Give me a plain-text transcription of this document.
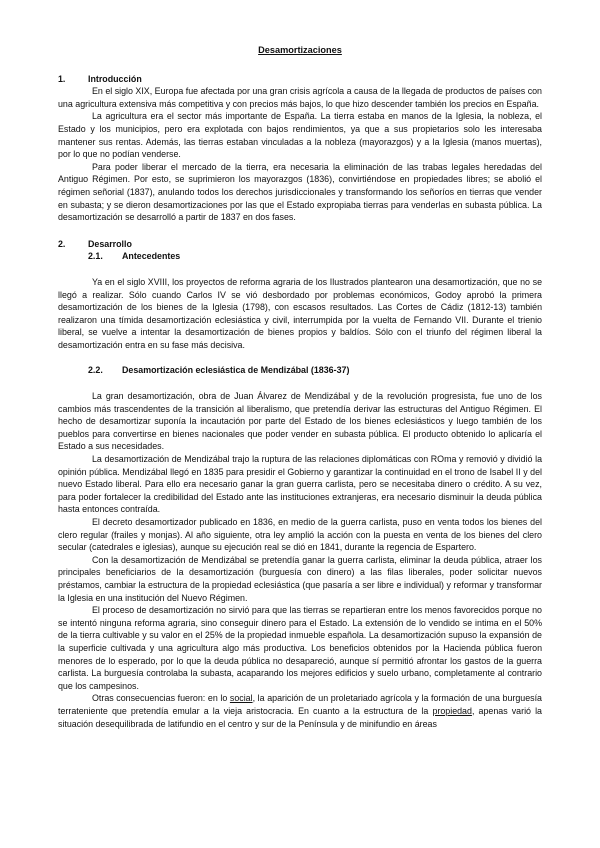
Desamortizaciones
1.	Introducción

En el siglo XIX, Europa fue afectada por una gran crisis agrícola a causa de la llegada de productos de países con una agricultura extensiva más competitiva y con precios más bajos, lo que hizo descender también los precios en España.

La agricultura era el sector más importante de España. La tierra estaba en manos de la Iglesia, la nobleza, el Estado y los municipios, pero era explotada con bajos rendimientos, ya que a sus propietarios solo les interesaba mantener sus rentas. Además, las tierras estaban vinculadas a la nobleza (mayorazgos) y a la Iglesia (manos muertas), por lo que no podían venderse.

Para poder liberar el mercado de la tierra, era necesaria la eliminación de las trabas legales heredadas del Antiguo Régimen. Por esto, se suprimieron los mayorazgos (1836), convirtiéndose en propiedades libres; se abolió el régimen señorial (1837), anulando todos los derechos jurisdiccionales y transformando los señoríos en tierras que vender en subasta; y se dieron desamortizaciones por las que el Estado expropiaba tierras para venderlas en subasta pública. La desamortización se desarrolló a partir de 1837 en dos fases.

2.	Desarrollo
2.1.	Antecedentes

Ya en el siglo XVIII, los proyectos de reforma agraria de los Ilustrados plantearon una desamortización, que no se llegó a realizar. Sólo cuando Carlos IV se vió desbordado por problemas económicos, Godoy aprobó la primera desamortización de los bienes de la Iglesia (1798), con escasos resultados. Las Cortes de Cádiz (1812-13) también realizaron una tímida desamortización eclesiástica y civil, interrumpida por la vuelta de Fernando VII. Durante el trienio liberal, se vuelve a intentar la desamortización de bienes propios y baldíos. Sólo con el triunfo del régimen liberal la desamortización entra en su fase más decisiva.

2.2.	Desamortización eclesiástica de Mendizábal (1836-37)

La gran desamortización, obra de Juan Álvarez de Mendizábal y de la revolución progresista, fue uno de los cambios más trascendentes de la transición al liberalismo, que pretendía derivar las estructuras del Antiguo Régimen. El hecho de desamortizar suponía la incautación por parte del Estado de los bienes eclesiásticos y luego también de los pueblos para convertirse en bienes nacionales que poder vender en subasta pública. El producto obtenido lo aplicaría el Estado a sus necesidades.

La desamortización de Mendizábal trajo la ruptura de las relaciones diplomáticas con ROma y removió y dividió la opinión pública. Mendizábal llegó en 1835 para presidir el Gobierno y garantizar la continuidad en el trono de Isabel II y del nuevo Estado liberal. Para ello era necesario ganar la gran guerra carlista, pero se necesitaba dinero o crédito. A su vez, para poder fortalecer la credibilidad del Estado ante las instituciones extranjeras, era necesario disminuir la deuda pública hasta entonces contraída.

El decreto desamortizador publicado en 1836, en medio de la guerra carlista, puso en venta todos los bienes del clero regular (frailes y monjas). Al año siguiente, otra ley amplió la acción con la puesta en venta de los bienes del clero secular (catedrales e iglesias), aunque su ejecución real se dió en 1841, durante la regencia de Espartero.

Con la desamortización de Mendizábal se pretendía ganar la guerra carlista, eliminar la deuda pública, atraer los principales beneficiarios de la desamortización (burguesía con dinero) a las filas liberales, poder solicitar nuevos préstamos, cambiar la estructura de la propiedad eclesiástica (que pasaría a ser libre e individual) y reformar y transformar la Iglesia en una institución del Nuevo Régimen.

El proceso de desamortización no sirvió para que las tierras se repartieran entre los menos favorecidos porque no se intentó ninguna reforma agraria, sino conseguir dinero para el Estado. La extensión de lo vendido se intima en el 50% de la tierra cultivable y su valor en el 25% de la propiedad inmueble española. La desamortización supuso la expansión de la superficie cultivada y una agricultura algo más productiva. Los beneficios obtenidos por la Hacienda pública fueron menores de lo esperado, por lo que la deuda pública no desapareció, aunque sí permitió afrontar los gastos de la guerra carlista. La burguesía controlaba la subasta, acaparando los mejores edificios y suelo urbano, completamente al contrario que los campesinos.

Otras consecuencias fueron: en lo social, la aparición de un proletariado agrícola y la formación de una burguesía terrateniente que pretendía emular a la vieja aristocracia. En cuanto a la estructura de la propiedad, apenas varió la situación desequilibrada de latifundio en el centro y sur de la Península y de minifundio en áreas
